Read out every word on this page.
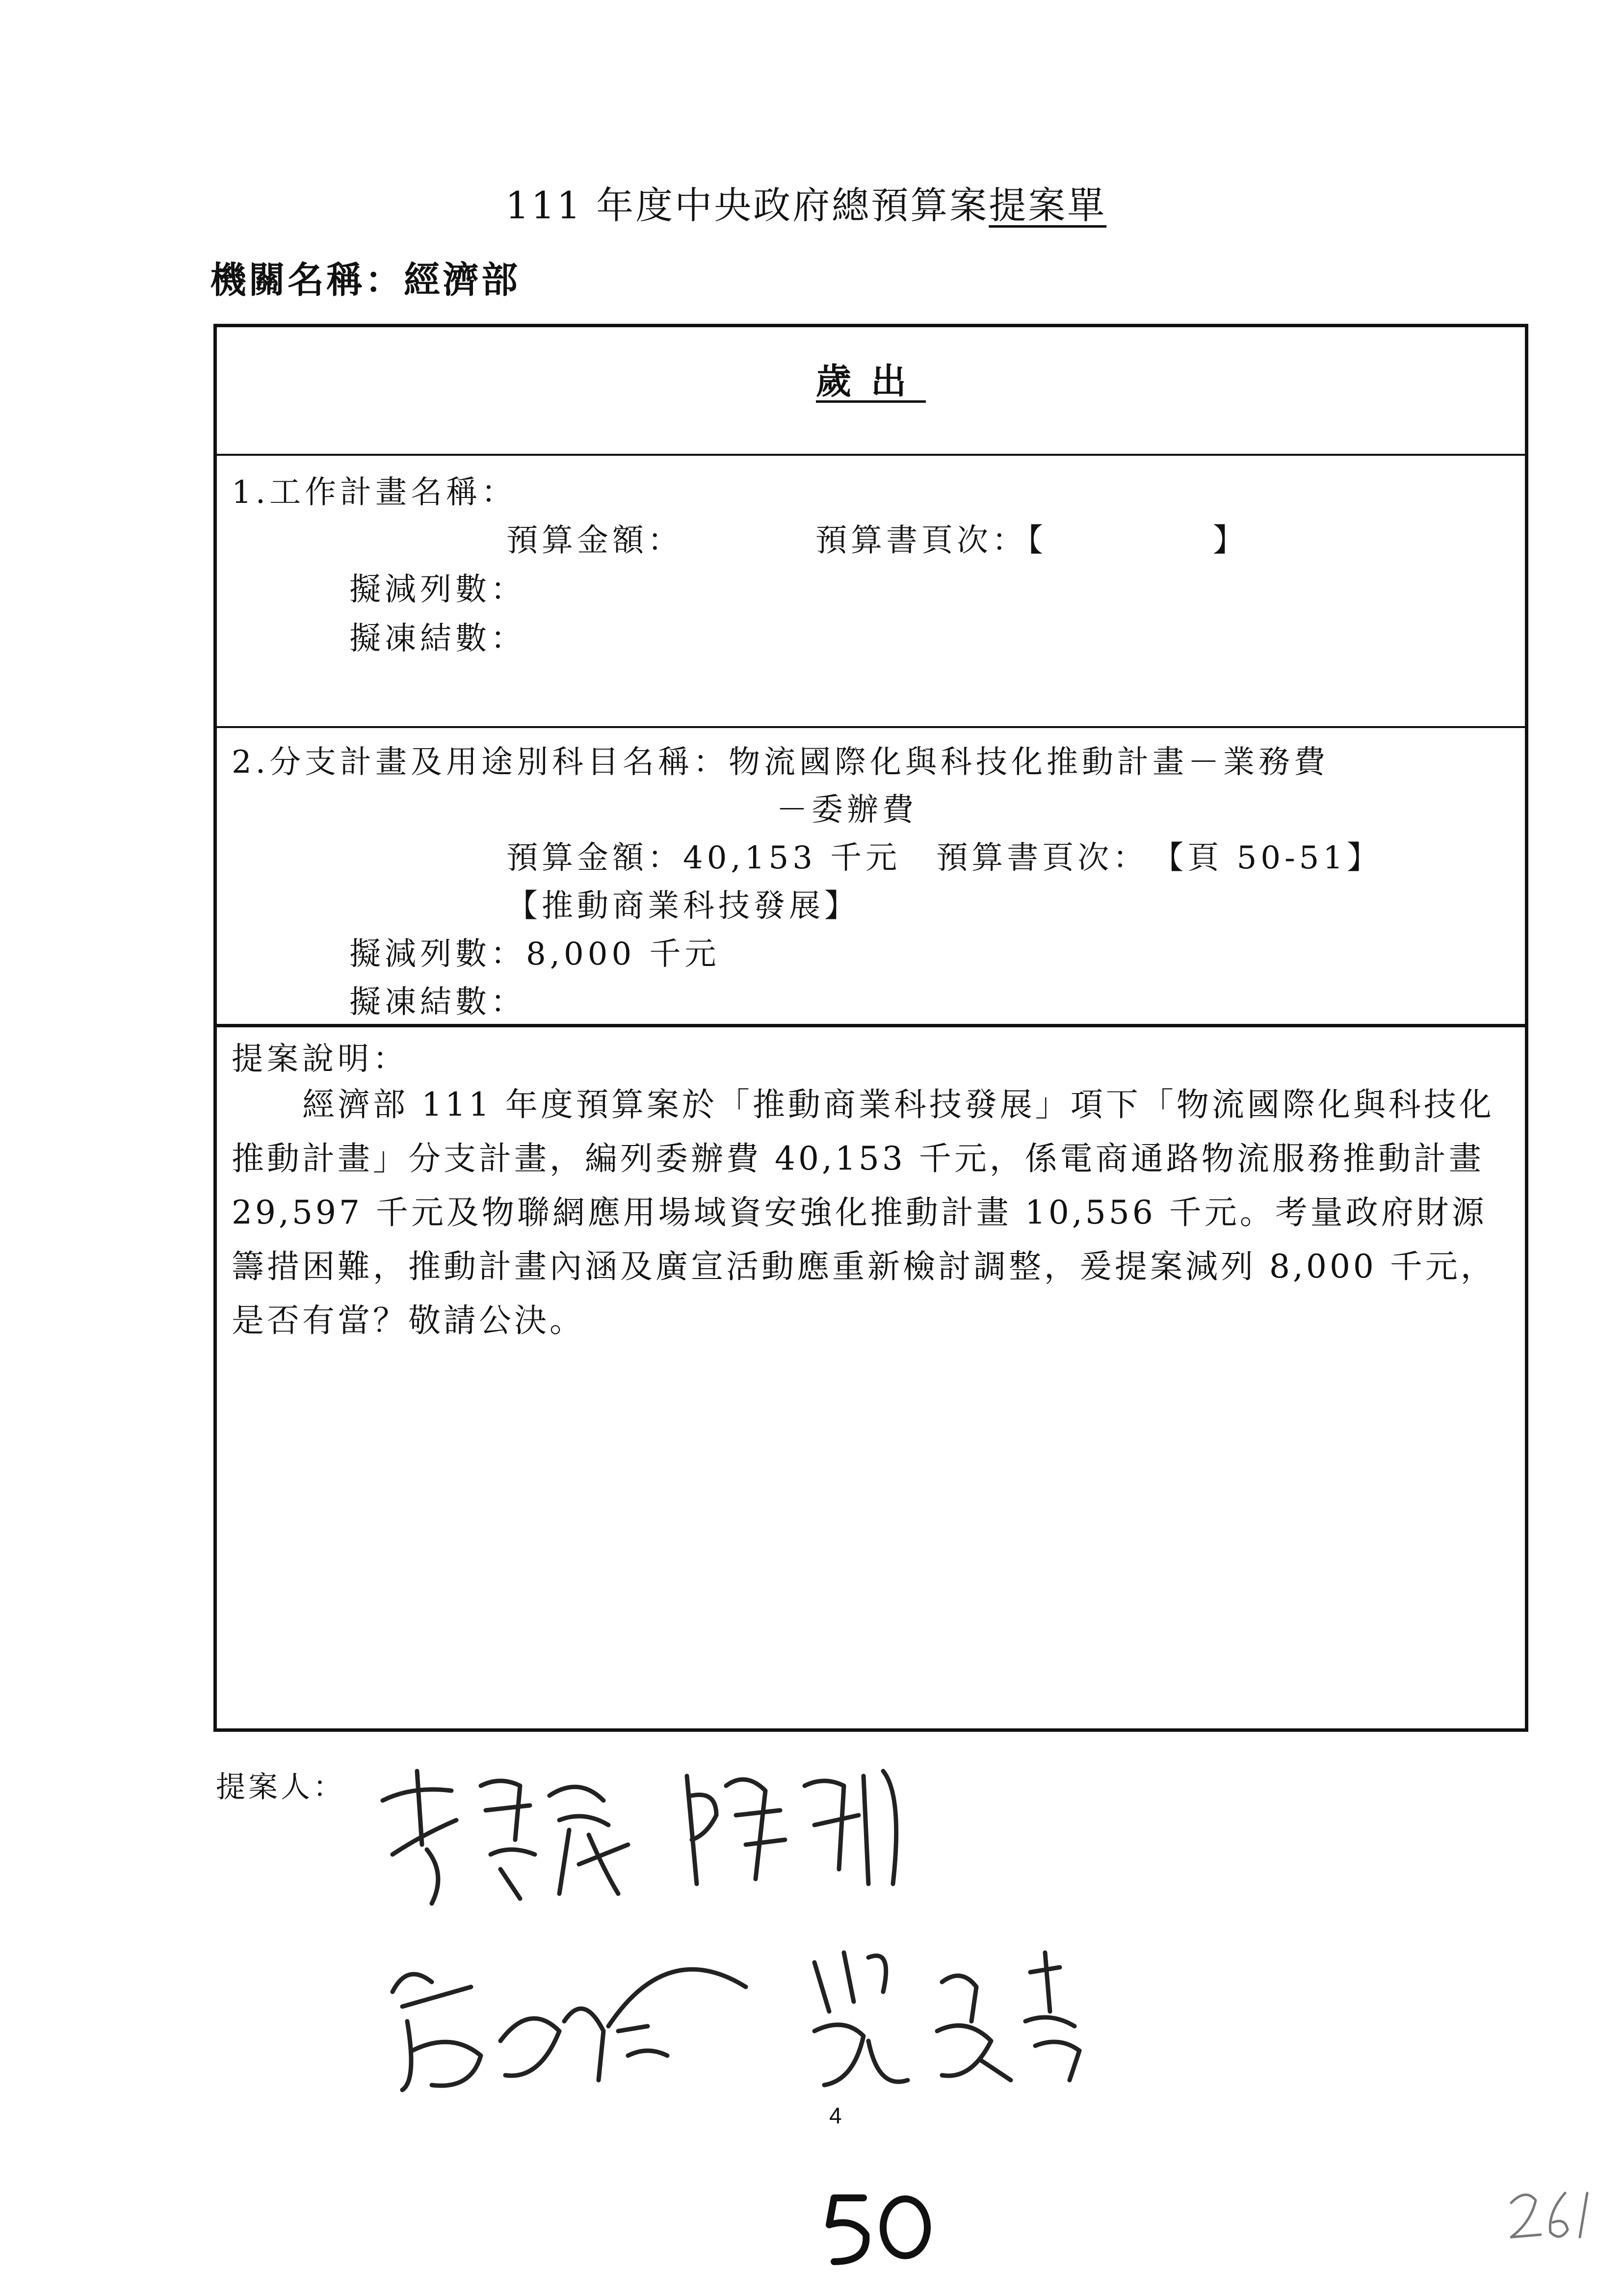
111 年度中央政府總預算案提案單
機關名稱：經濟部
歲出
1.工作計畫名稱：
預算金額：	預算書頁次：【	】
擬減列數：
擬凍結數：
2.分支計畫及用途別科目名稱：物流國際化與科技化推動計畫－業務費
－委辦費
預算金額：40,153 千元　預算書頁次：　【頁 50-51】
【推動商業科技發展】
擬減列數：8,000 千元
擬凍結數：
提案說明：
　　經濟部 111 年度預算案於「推動商業科技發展」項下「物流國際化與科技化推動計畫」分支計畫，編列委辦費 40,153 千元，係電商通路物流服務推動計畫 29,597 千元及物聯網應用場域資安強化推動計畫 10,556 千元。考量政府財源籌措困難，推動計畫內涵及廣宣活動應重新檢討調整，爰提案減列 8,000 千元，是否有當？敬請公決。
提案人：
4
